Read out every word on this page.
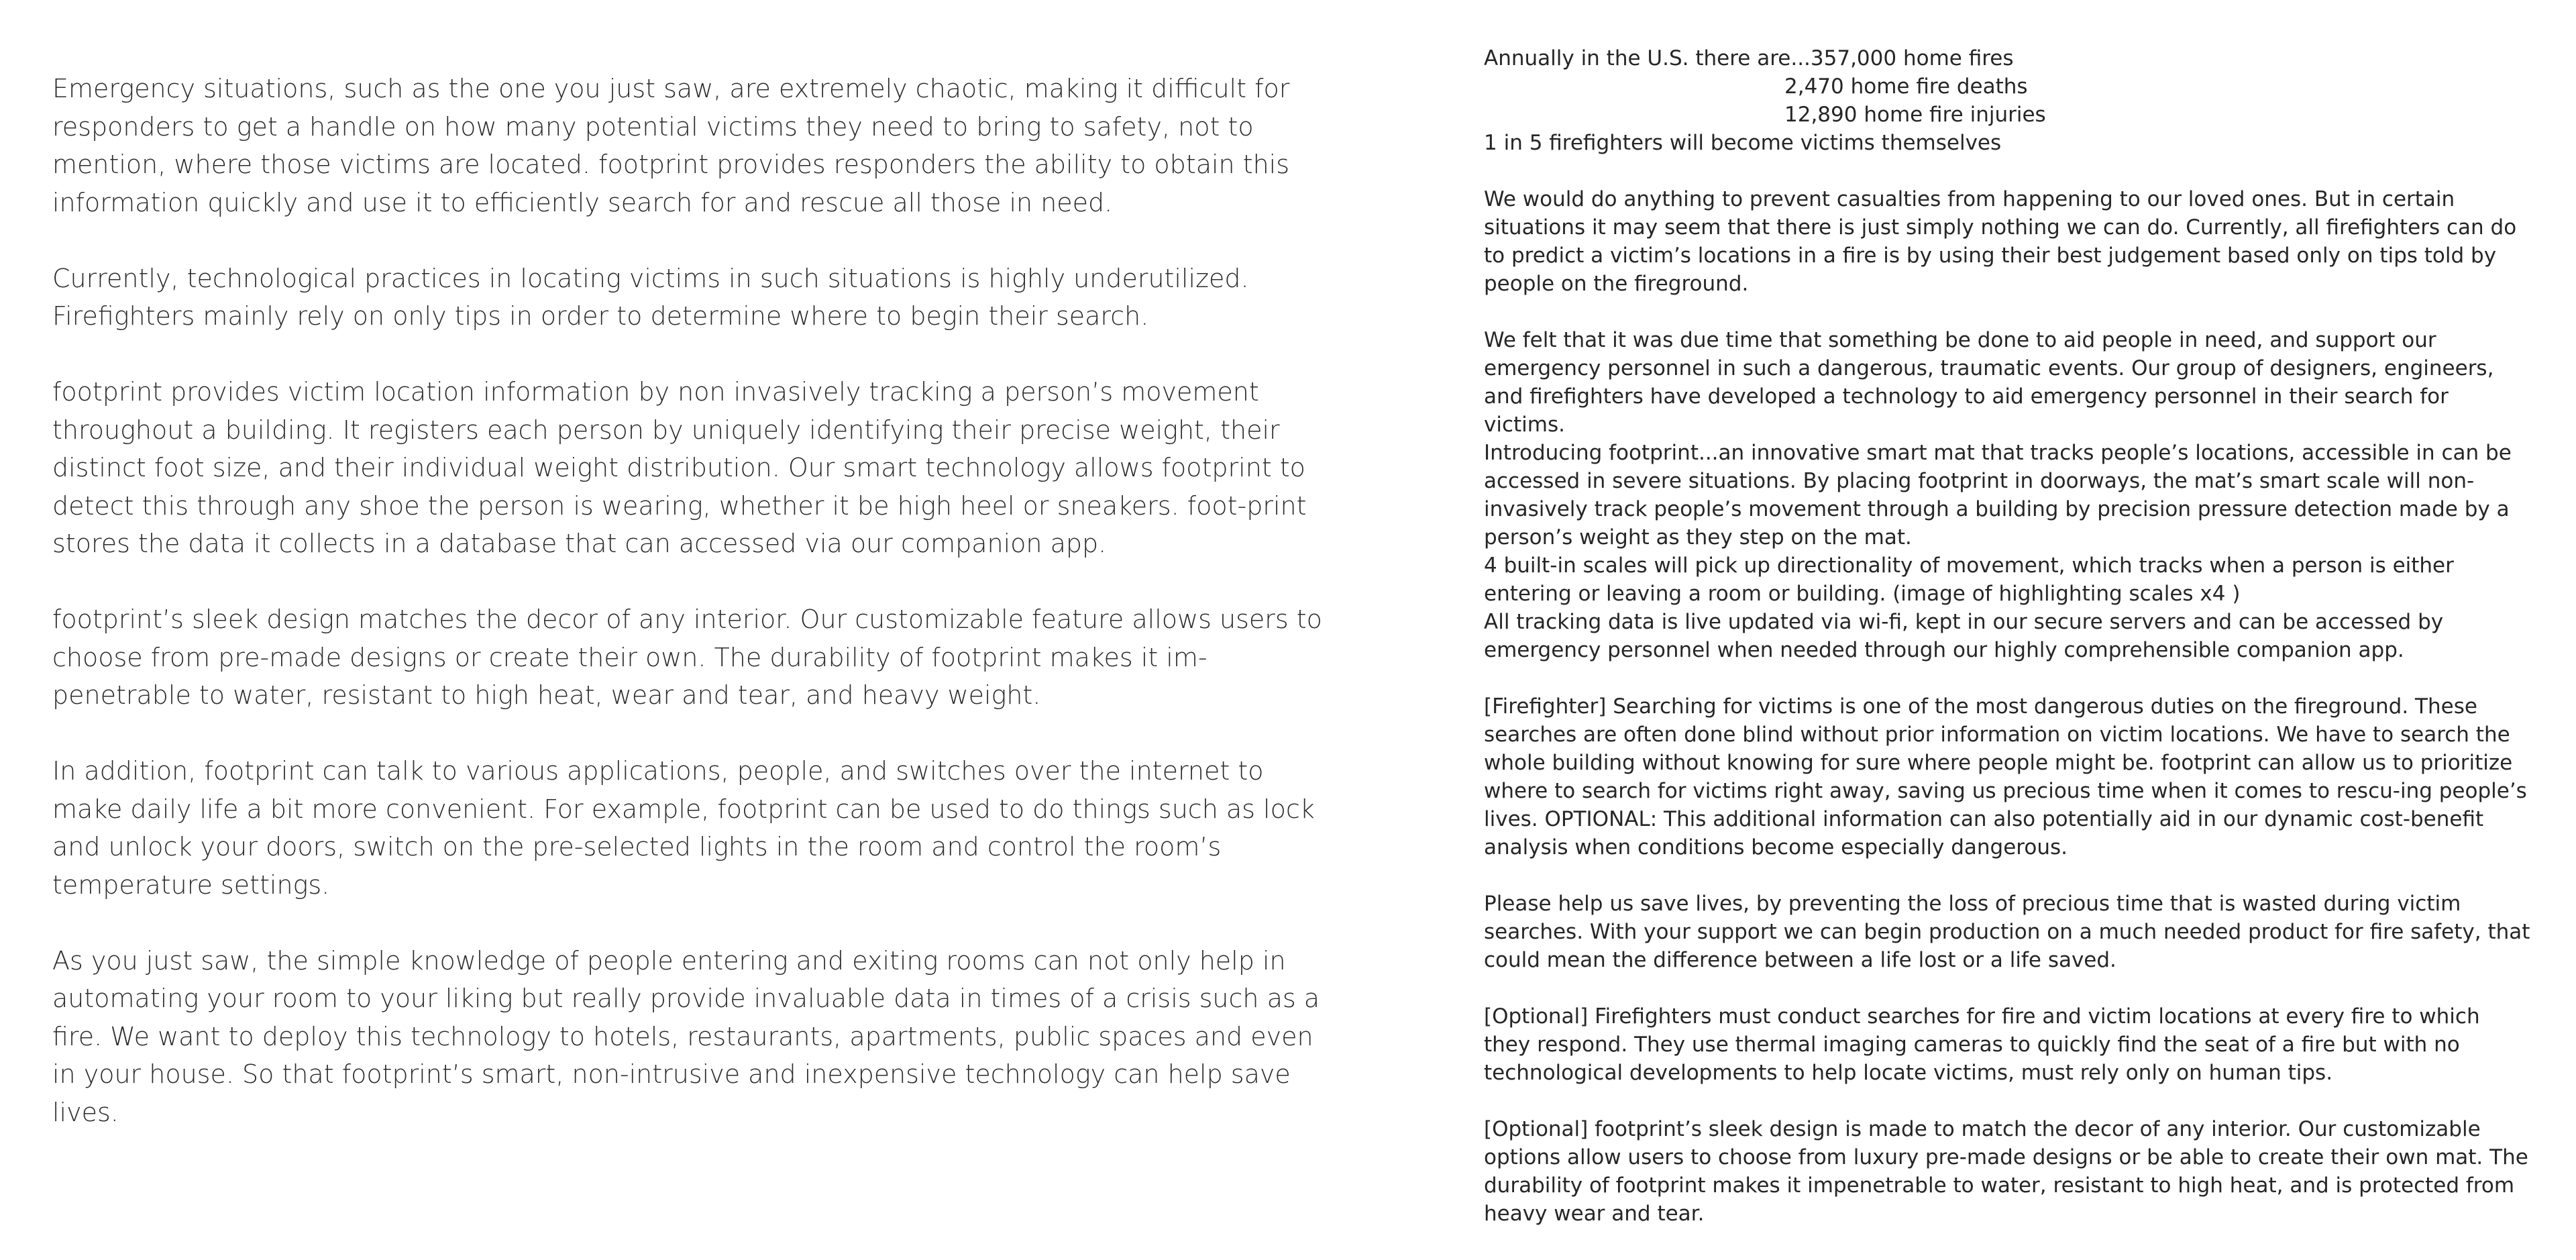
Emergency situations, such as the one you just saw, are extremely chaotic, making it difficult for responders to get a handle on how many potential victims they need to bring to safety, not to mention, where those victims are located. footprint provides responders the ability to obtain this information quickly and use it to efficiently search for and rescue all those in need.

Currently, technological practices in locating victims in such situations is highly underutilized. Firefighters mainly rely on only tips in order to determine where to begin their search.

footprint provides victim location information by non invasively tracking a person’s movement throughout a building. It registers each person by uniquely identifying their precise weight, their distinct foot size, and their individual weight distribution. Our smart technology allows footprint to detect this through any shoe the person is wearing, whether it be high heel or sneakers. foot-print stores the data it collects in a database that can accessed via our companion app.

footprint’s sleek design matches the decor of any interior. Our customizable feature allows users to choose from pre-made designs or create their own. The durability of footprint makes it im-penetrable to water, resistant to high heat, wear and tear, and heavy weight.

In addition, footprint can talk to various applications, people, and switches over the internet to make daily life a bit more convenient. For example, footprint can be used to do things such as lock and unlock your doors, switch on the pre-selected lights in the room and control the room’s temperature settings.

As you just saw, the simple knowledge of people entering and exiting rooms can not only help in automating your room to your liking but really provide invaluable data in times of a crisis such as a fire. We want to deploy this technology to hotels, restaurants, apartments, public spaces and even in your house. So that footprint’s smart, non-intrusive and inexpensive technology can help save lives.

Annually in the U.S. there are...357,000 home fires
2,470 home fire deaths
12,890 home fire injuries
1 in 5 firefighters will become victims themselves

We would do anything to prevent casualties from happening to our loved ones. But in certain situations it may seem that there is just simply nothing we can do. Currently, all firefighters can do to predict a victim’s locations in a fire is by using their best judgement based only on tips told by people on the fireground.

We felt that it was due time that something be done to aid people in need, and support our emergency personnel in such a dangerous, traumatic events. Our group of designers, engineers, and firefighters have developed a technology to aid emergency personnel in their search for victims.
Introducing footprint...an innovative smart mat that tracks people’s locations, accessible in can be accessed in severe situations. By placing footprint in doorways, the mat’s smart scale will non-invasively track people’s movement through a building by precision pressure detection made by a person’s weight as they step on the mat.
4 built-in scales will pick up directionality of movement, which tracks when a person is either entering or leaving a room or building. (image of highlighting scales x4 )
All tracking data is live updated via wi-fi, kept in our secure servers and can be accessed by emergency personnel when needed through our highly comprehensible companion app.

[Firefighter] Searching for victims is one of the most dangerous duties on the fireground. These searches are often done blind without prior information on victim locations. We have to search the whole building without knowing for sure where people might be. footprint can allow us to prioritize where to search for victims right away, saving us precious time when it comes to rescu-ing people’s lives. OPTIONAL: This additional information can also potentially aid in our dynamic cost-benefit analysis when conditions become especially dangerous.

Please help us save lives, by preventing the loss of precious time that is wasted during victim searches. With your support we can begin production on a much needed product for fire safety, that could mean the difference between a life lost or a life saved.

[Optional] Firefighters must conduct searches for fire and victim locations at every fire to which they respond. They use thermal imaging cameras to quickly find the seat of a fire but with no technological developments to help locate victims, must rely only on human tips.

[Optional] footprint’s sleek design is made to match the decor of any interior. Our customizable options allow users to choose from luxury pre-made designs or be able to create their own mat. The durability of footprint makes it impenetrable to water, resistant to high heat, and is protected from heavy wear and tear.
